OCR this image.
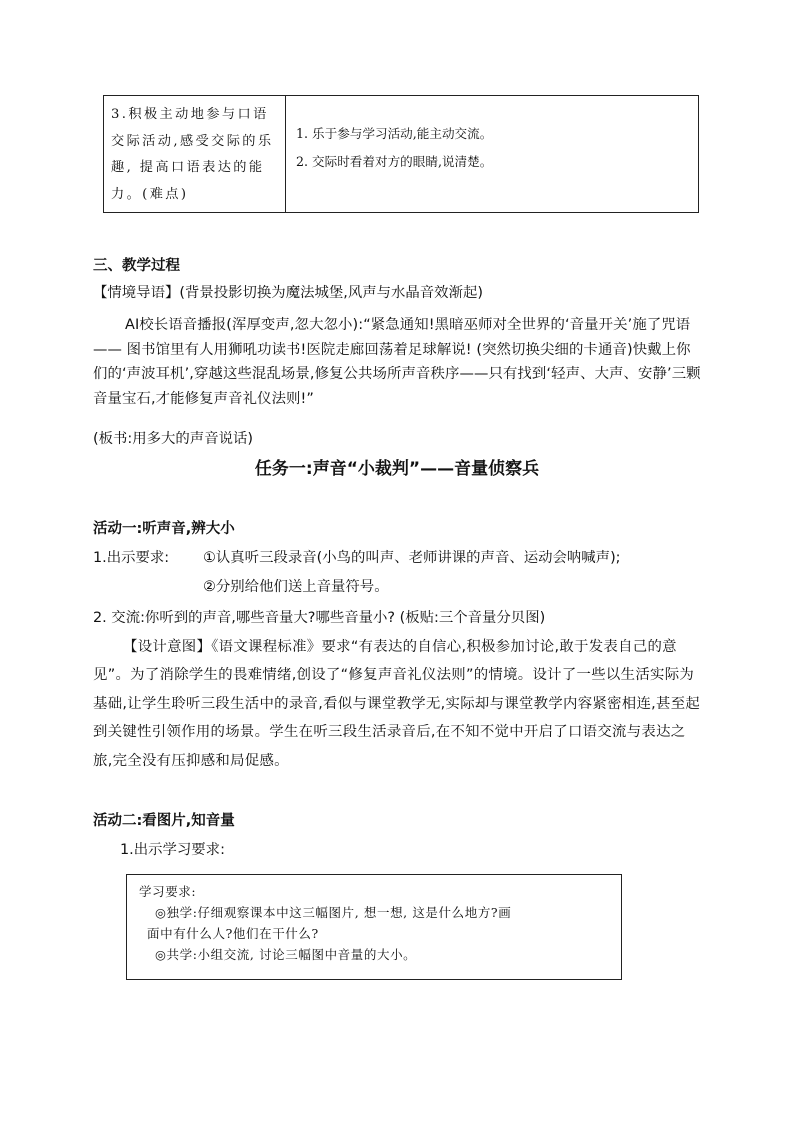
3.积极主动地参与口语交际活动,感受交际的乐趣, 提高口语表达的能力。(难点)
1. 乐于参与学习活动,能主动交流。
2. 交际时看着对方的眼睛,说清楚。

三、教学过程

【情境导语】(背景投影切换为魔法城堡,风声与水晶音效渐起)

AI校长语音播报(浑厚变声,忽大忽小):“紧急通知!黑暗巫师对全世界的‘音量开关’施了咒语—— 图书馆里有人用狮吼功读书!医院走廊回荡着足球解说! (突然切换尖细的卡通音)快戴上你们的‘声波耳机’,穿越这些混乱场景,修复公共场所声音秩序——只有找到‘轻声、大声、安静’三颗音量宝石,才能修复声音礼仪法则!”

(板书:用多大的声音说话)

任务一:声音“小裁判”——音量侦察兵

活动一:听声音,辨大小

1.出示要求: ①认真听三段录音(小鸟的叫声、老师讲课的声音、运动会呐喊声);

②分别给他们送上音量符号。

2. 交流:你听到的声音,哪些音量大?哪些音量小? (板贴:三个音量分贝图)

【设计意图】《语文课程标准》要求“有表达的自信心,积极参加讨论,敢于发表自己的意见”。为了消除学生的畏难情绪,创设了“修复声音礼仪法则”的情境。设计了一些以生活实际为基础,让学生聆听三段生活中的录音,看似与课堂教学无,实际却与课堂教学内容紧密相连,甚至起到关键性引领作用的场景。学生在听三段生活录音后,在不知不觉中开启了口语交流与表达之旅,完全没有压抑感和局促感。

活动二:看图片,知音量

1.出示学习要求:

学习要求:

◎独学:仔细观察课本中这三幅图片, 想一想, 这是什么地方?画

面中有什么人?他们在干什么?

◎共学:小组交流, 讨论三幅图中音量的大小。
